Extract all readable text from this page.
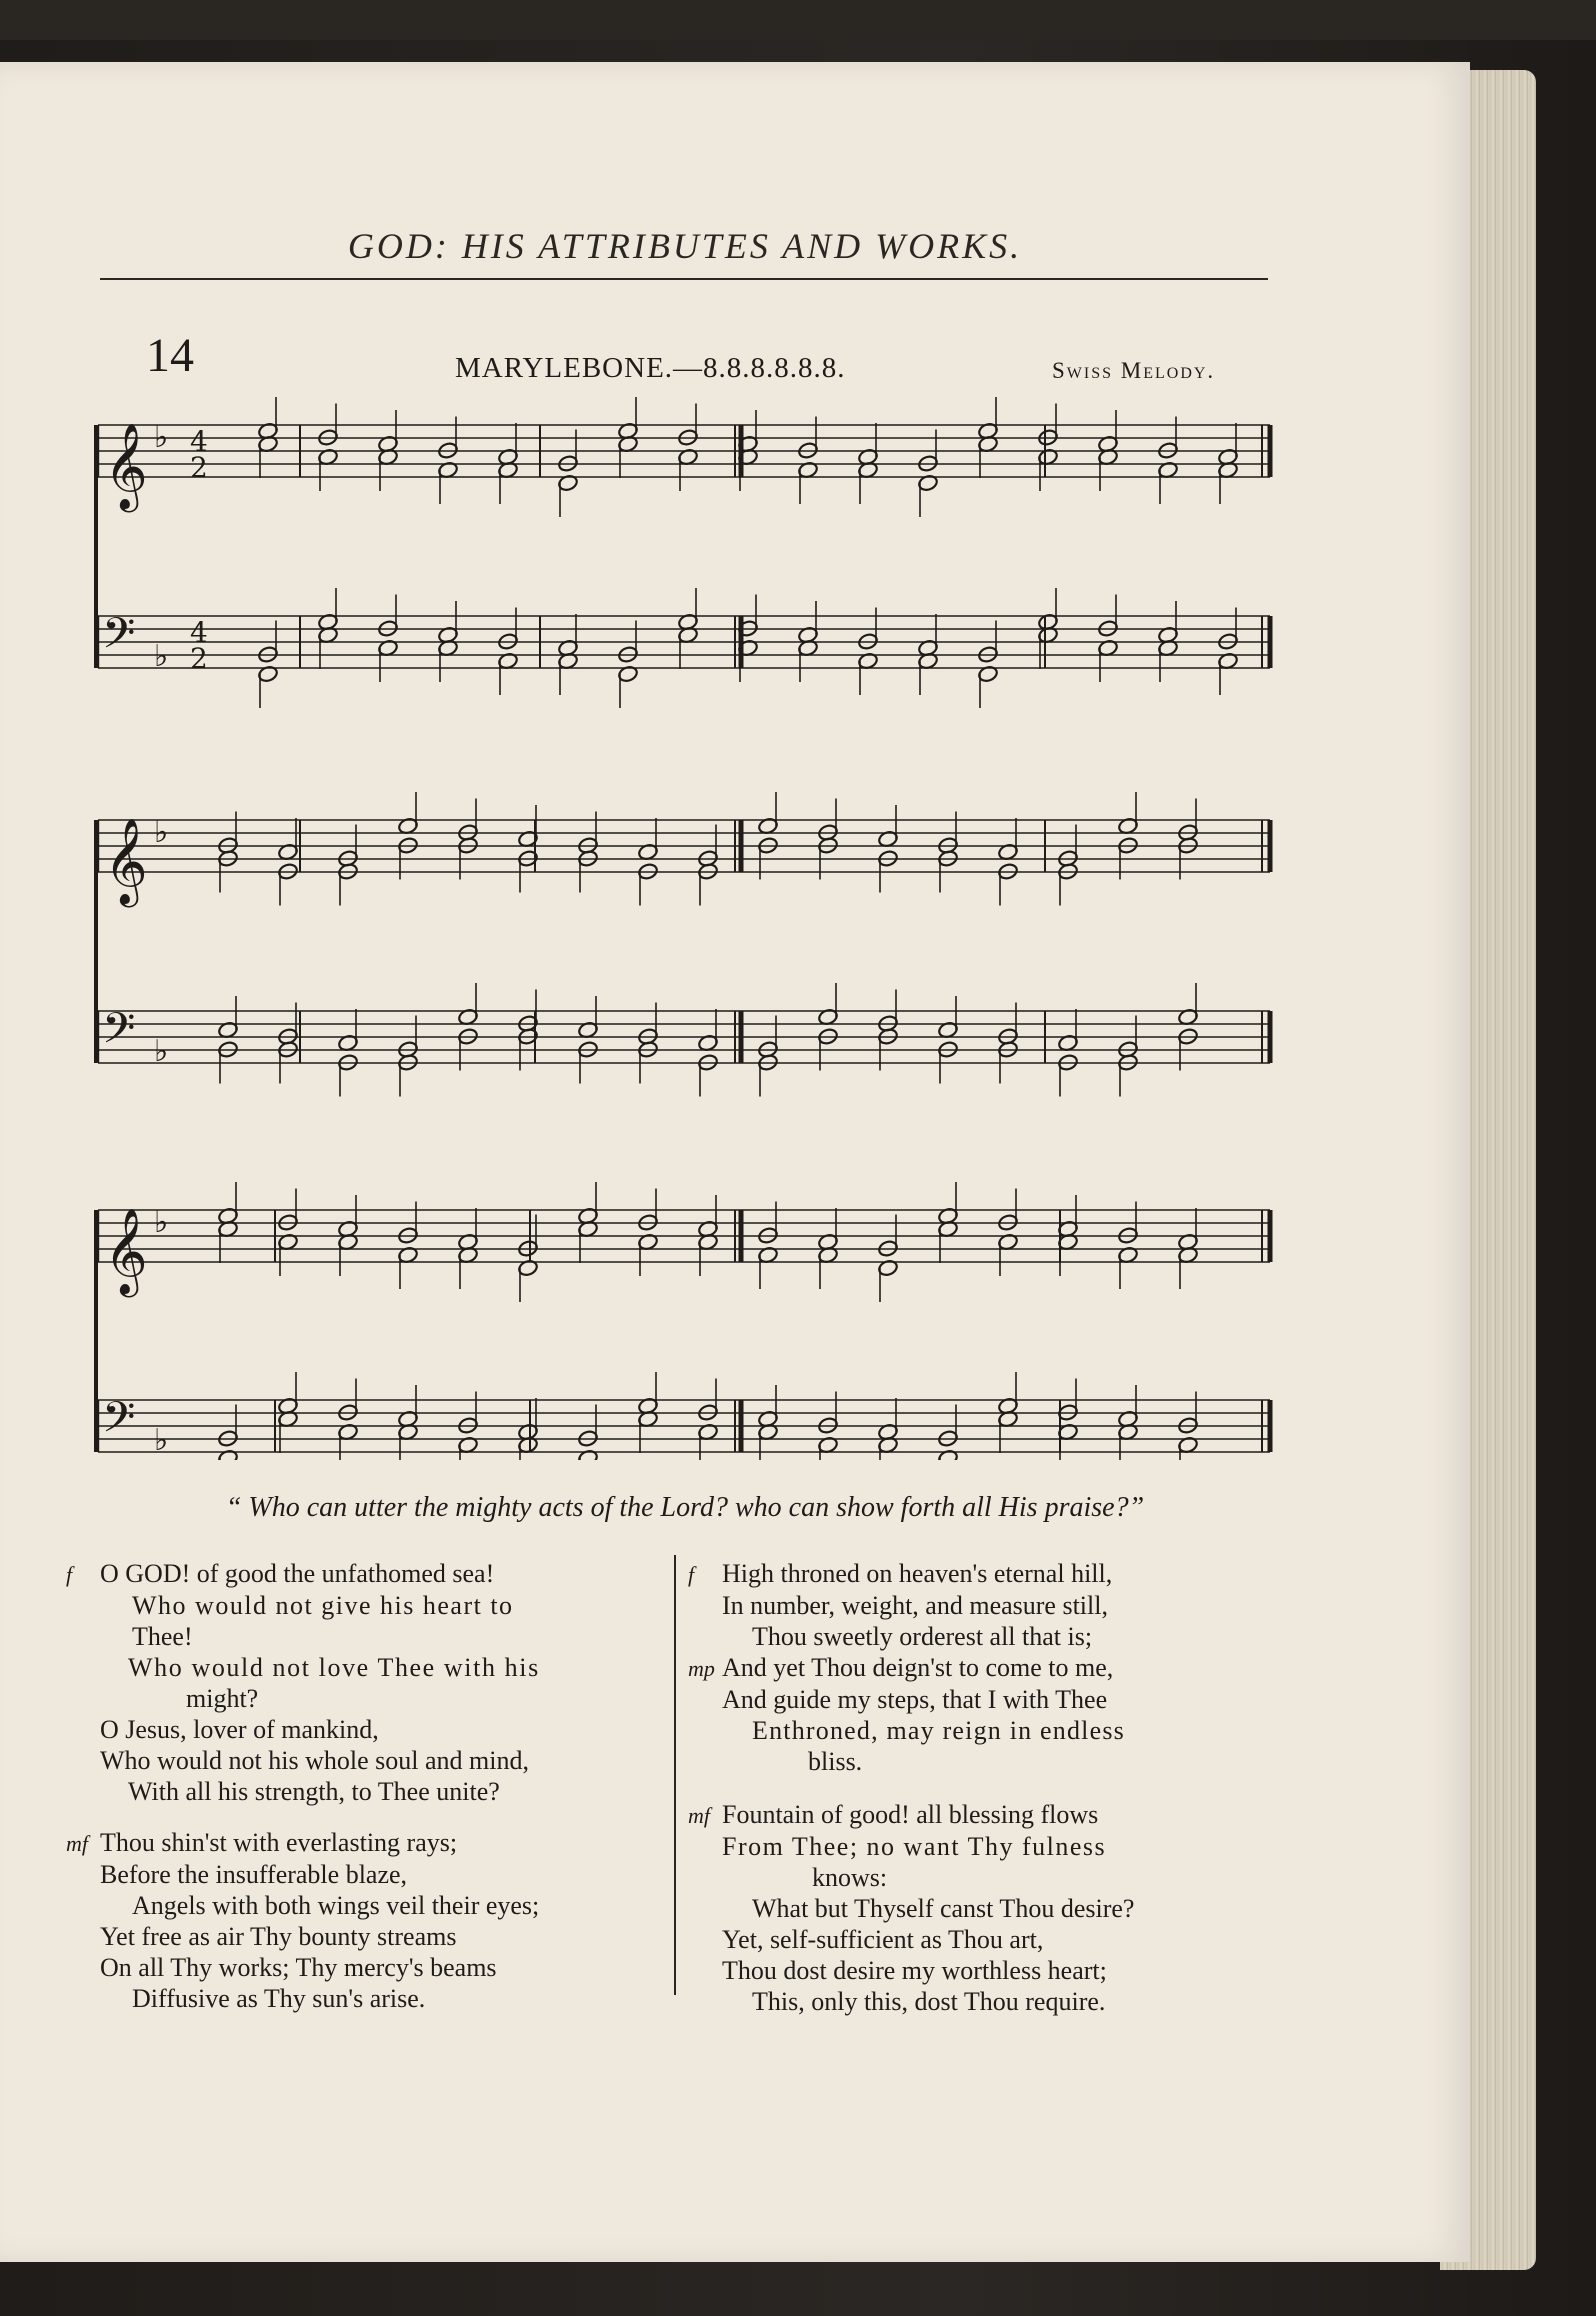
GOD: HIS ATTRIBUTES AND WORKS.
14	MARYLEBONE.—8.8.8.8.8.8.	Swiss Melody.
𝄞 ♭ 4
2
𝄢 ♭
4
2
𝄞 ♭
𝄢 ♭
𝄞 ♭
𝄢 ♭
“ Who can utter the mighty acts of the Lord? who can show forth all His praise?”
f O GOD! of good the unfathomed sea!
Who would not give his heart to
Thee!
Who would not love Thee with his
might?
O Jesus, lover of mankind,
Who would not his whole soul and mind,
With all his strength, to Thee unite?
mf Thou shin'st with everlasting rays;
Before the insufferable blaze,
Angels with both wings veil their eyes;
Yet free as air Thy bounty streams
On all Thy works; Thy mercy's beams
Diffusive as Thy sun's arise.
f High throned on heaven's eternal hill,
In number, weight, and measure still,
Thou sweetly orderest all that is;
mp And yet Thou deign'st to come to me,
And guide my steps, that I with Thee
Enthroned, may reign in endless
bliss.
mf Fountain of good! all blessing flows
From Thee; no want Thy fulness
knows:
What but Thyself canst Thou desire?
Yet, self-sufficient as Thou art,
Thou dost desire my worthless heart;
This, only this, dost Thou require.
